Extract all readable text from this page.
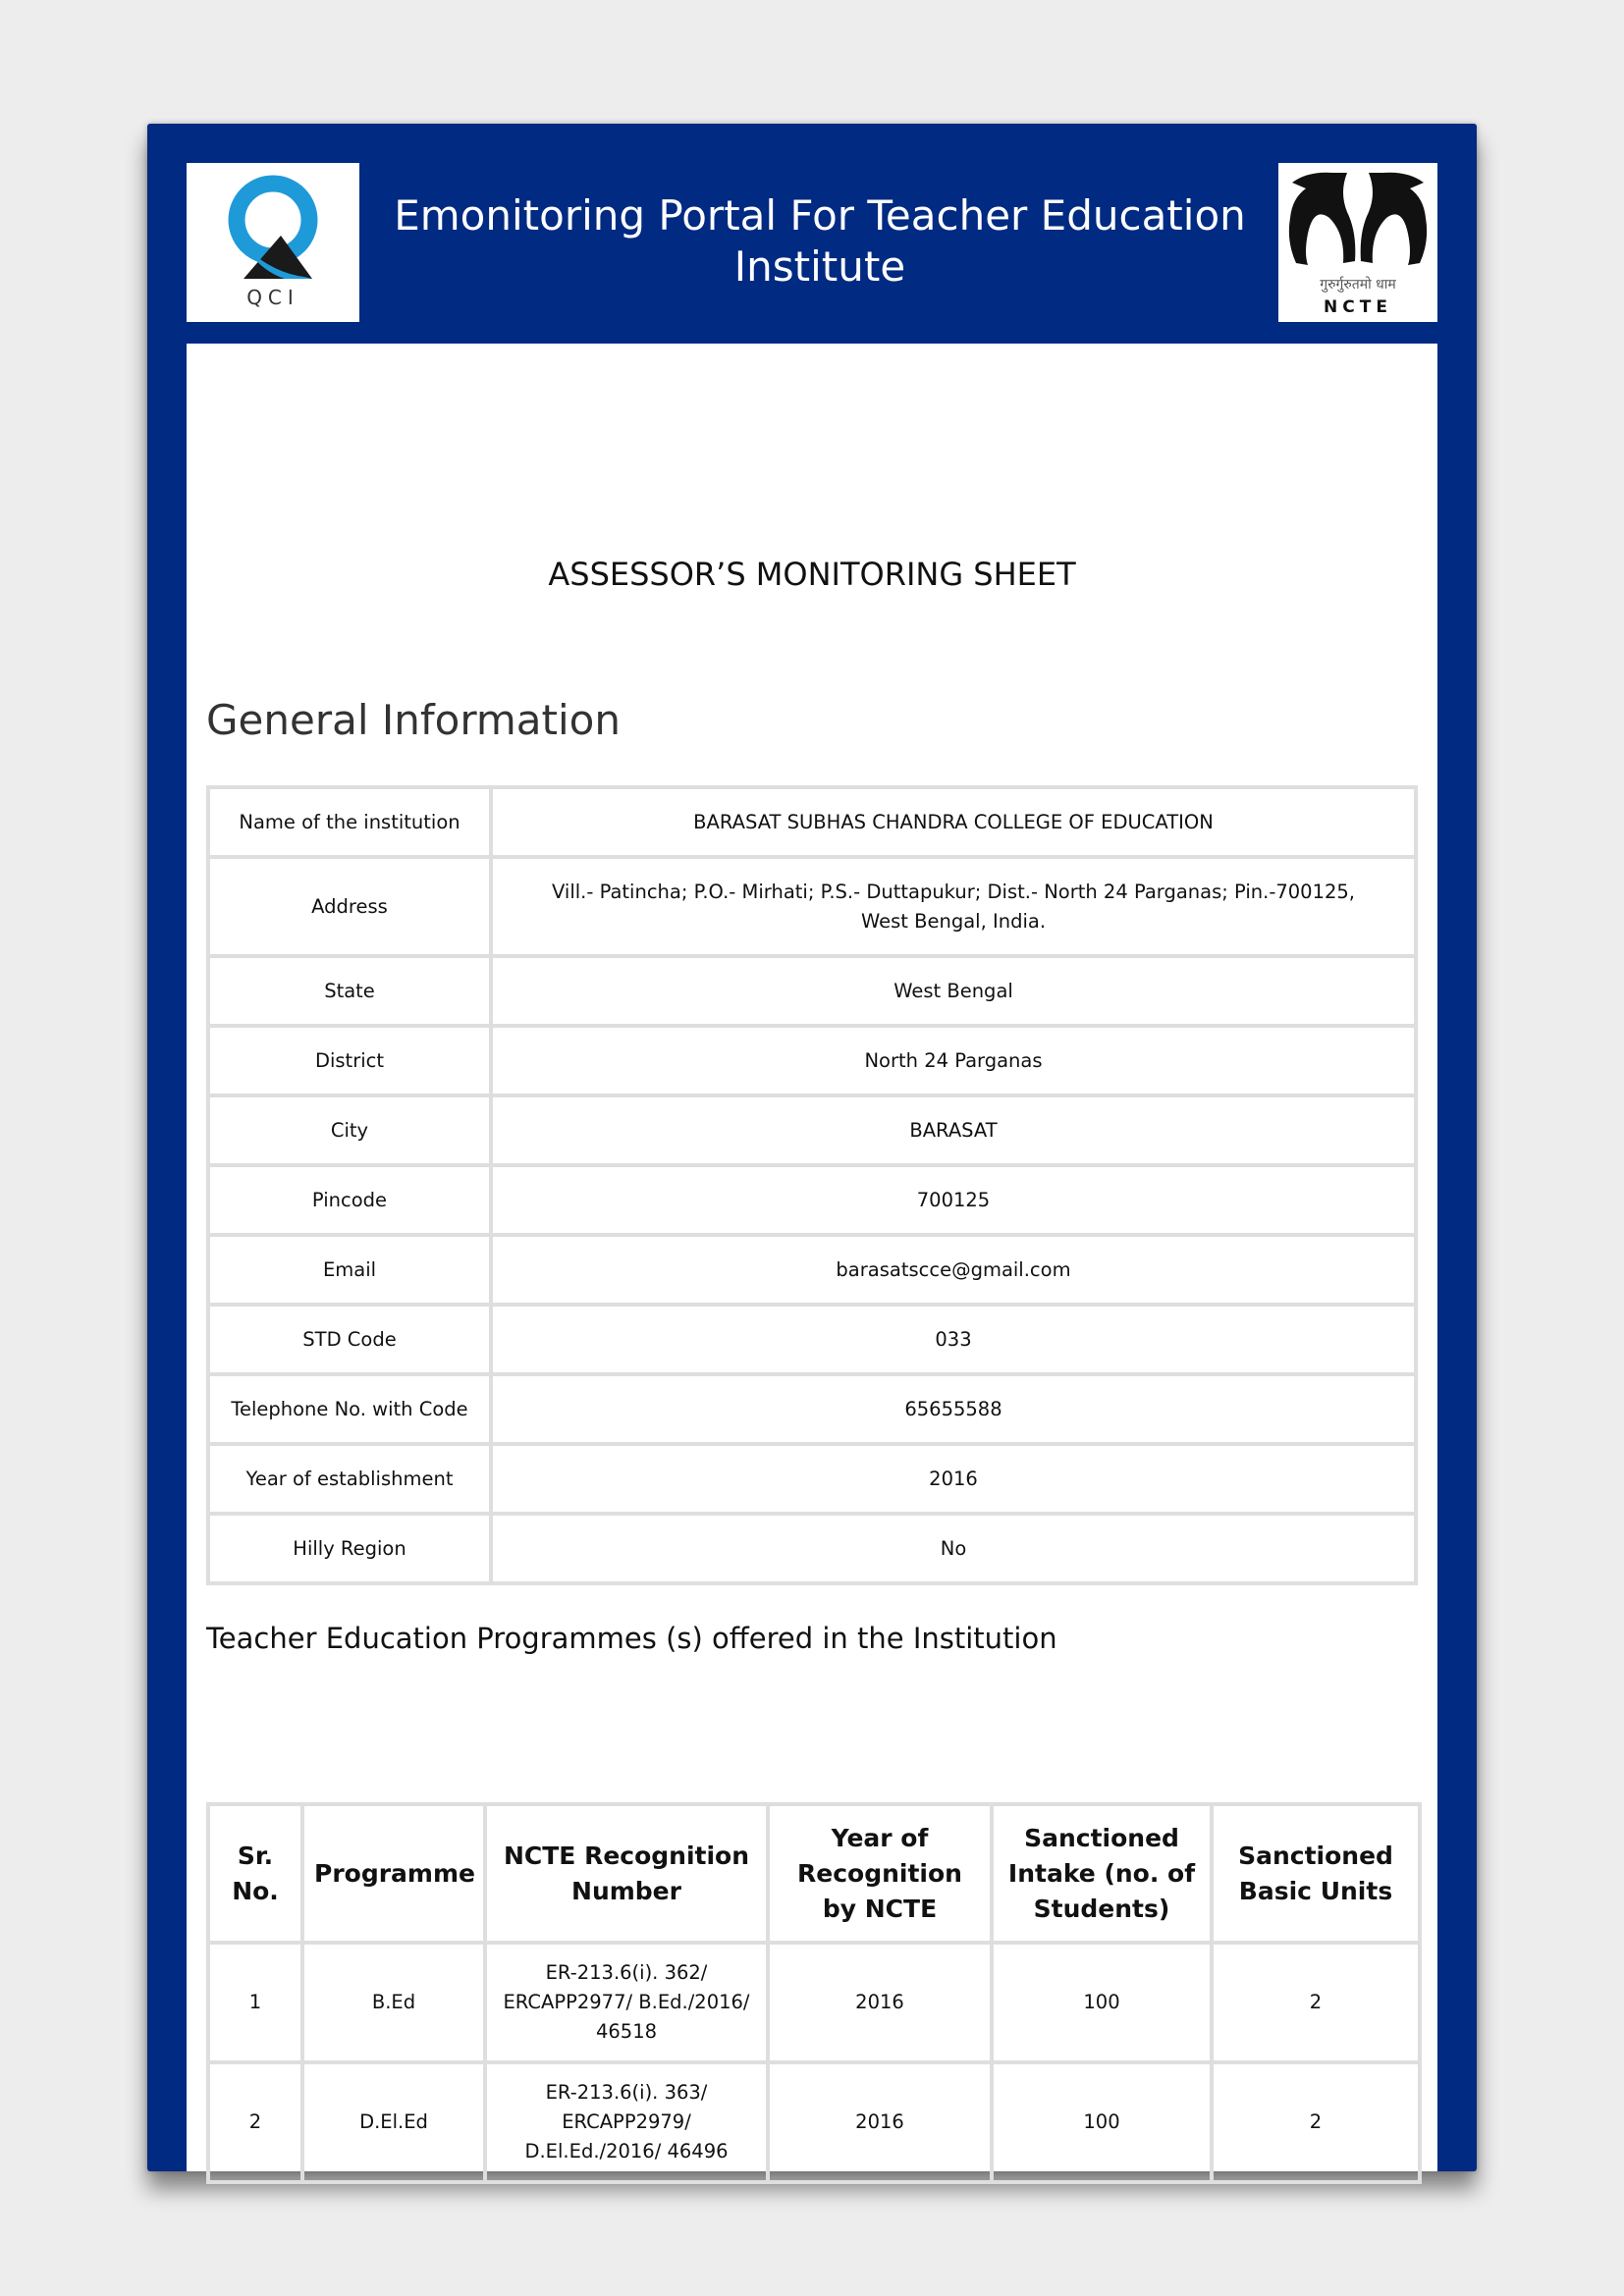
QCI
Emonitoring Portal For Teacher Education Institute	गुरुर्गुरुतमो धाम
NCTE
ASSESSOR’S MONITORING SHEET
General Information
Name of the institution	BARASAT SUBHAS CHANDRA COLLEGE OF EDUCATION
Address	Vill.- Patincha; P.O.- Mirhati; P.S.- Duttapukur; Dist.- North 24 Parganas; Pin.-700125, West Bengal, India.
State	West Bengal
District	North 24 Parganas
City	BARASAT
Pincode	700125
Email	barasatscce@gmail.com
STD Code	033
Telephone No. with Code	65655588
Year of establishment	2016
Hilly Region	No
Teacher Education Programmes (s) offered in the Institution
Sr. No.	Programme	NCTE Recognition Number	Year of Recognition by NCTE	Sanctioned Intake (no. of Students)	Sanctioned Basic Units
1	B.Ed	ER-213.6(i). 362/ ERCAPP2977/ B.Ed./2016/ 46518	2016	100	2
2	D.El.Ed	ER-213.6(i). 363/ ERCAPP2979/ D.El.Ed./2016/ 46496	2016	100	2
